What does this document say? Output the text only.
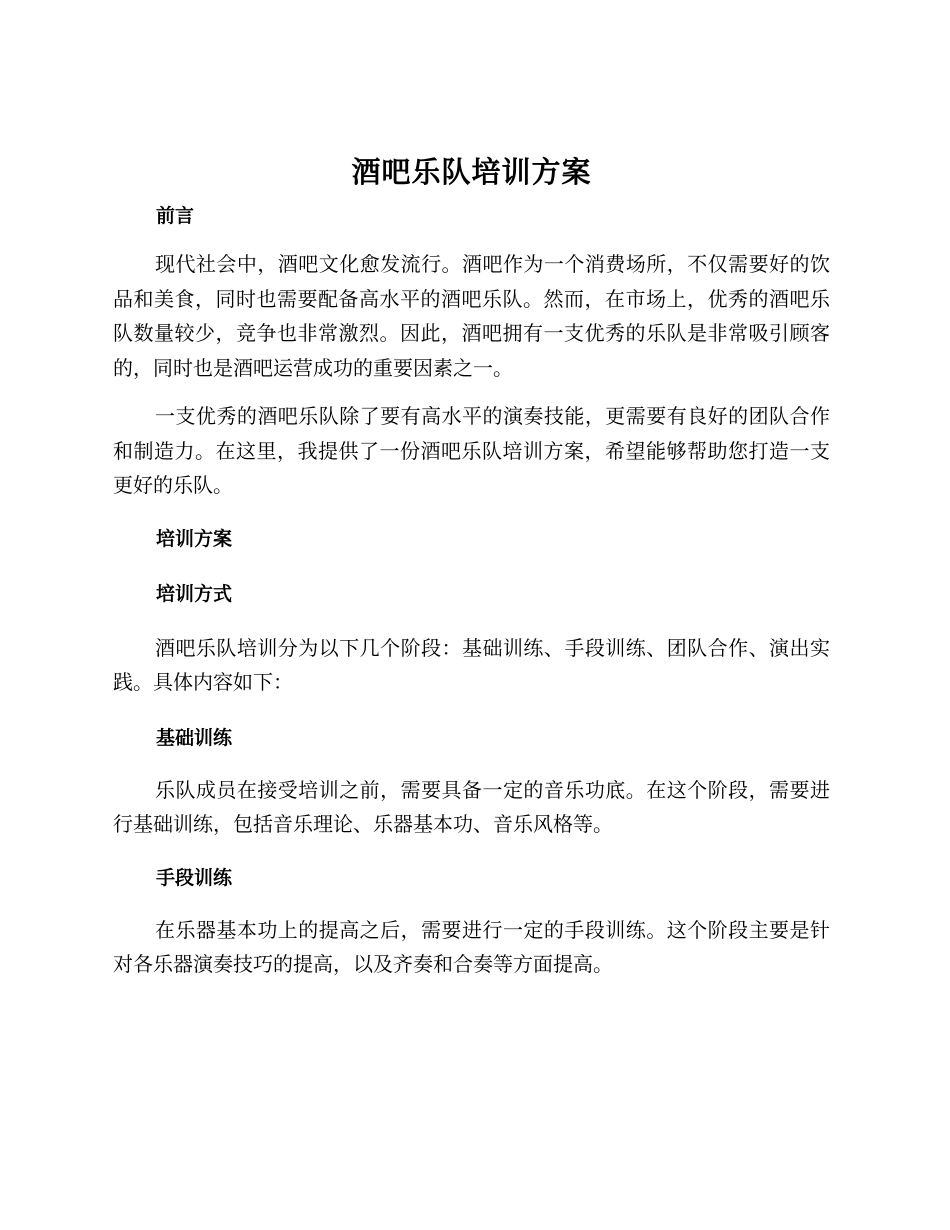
酒吧乐队培训方案
前言

现代社会中，酒吧文化愈发流行。酒吧作为一个消费场所，不仅需要好的饮品和美食，同时也需要配备高水平的酒吧乐队。然而，在市场上，优秀的酒吧乐队数量较少，竞争也非常激烈。因此，酒吧拥有一支优秀的乐队是非常吸引顾客的，同时也是酒吧运营成功的重要因素之一。

一支优秀的酒吧乐队除了要有高水平的演奏技能，更需要有良好的团队合作和制造力。在这里，我提供了一份酒吧乐队培训方案，希望能够帮助您打造一支更好的乐队。

培训方案
培训方式

酒吧乐队培训分为以下几个阶段：基础训练、手段训练、团队合作、演出实践。具体内容如下：

基础训练

乐队成员在接受培训之前，需要具备一定的音乐功底。在这个阶段，需要进行基础训练，包括音乐理论、乐器基本功、音乐风格等。

手段训练

在乐器基本功上的提高之后，需要进行一定的手段训练。这个阶段主要是针对各乐器演奏技巧的提高，以及齐奏和合奏等方面提高。
